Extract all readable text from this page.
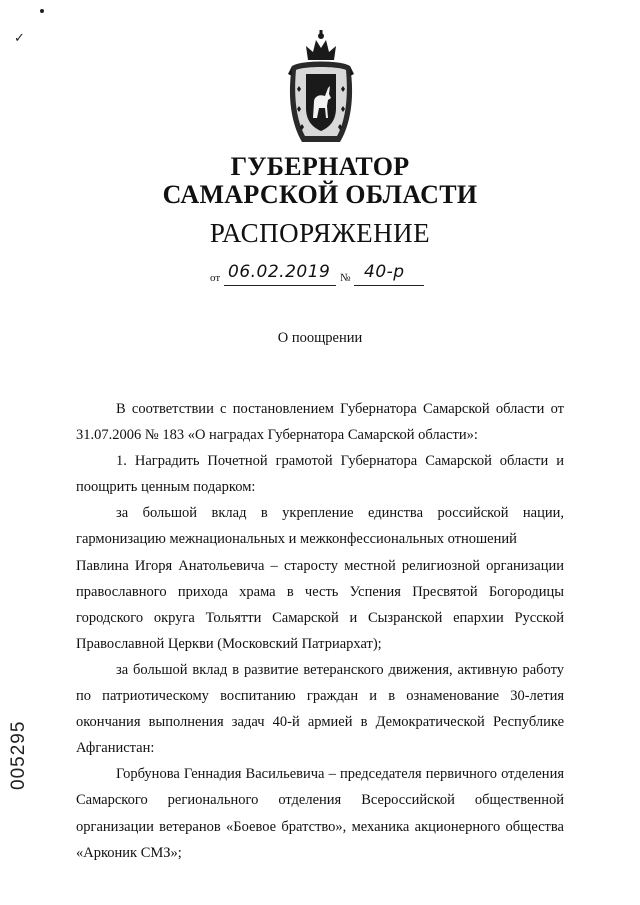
✓
ГУБЕРНАТОР
САМАРСКОЙ ОБЛАСТИ
РАСПОРЯЖЕНИЕ
от 06.02.2019 № 40-р
О поощрении

В соответствии с постановлением Губернатора Самарской области от 31.07.2006 № 183 «О наградах Губернатора Самарской области»:

1. Наградить Почетной грамотой Губернатора Самарской области и поощрить ценным подарком:

за большой вклад в укрепление единства российской нации, гармонизацию межнациональных и межконфессиональных отношений

Павлина Игоря Анатольевича – старосту местной религиозной организации православного прихода храма в честь Успения Пресвятой Богородицы городского округа Тольятти Самарской и Сызранской епархии Русской Православной Церкви (Московский Патриархат);

за большой вклад в развитие ветеранского движения, активную работу по патриотическому воспитанию граждан и в ознаменование 30-летия окончания выполнения задач 40-й армией в Демократической Республике Афганистан:

Горбунова Геннадия Васильевича – председателя первичного отделения Самарского регионального отделения Всероссийской общественной организации ветеранов «Боевое братство», механика акционерного общества «Арконик СМЗ»;

005295
